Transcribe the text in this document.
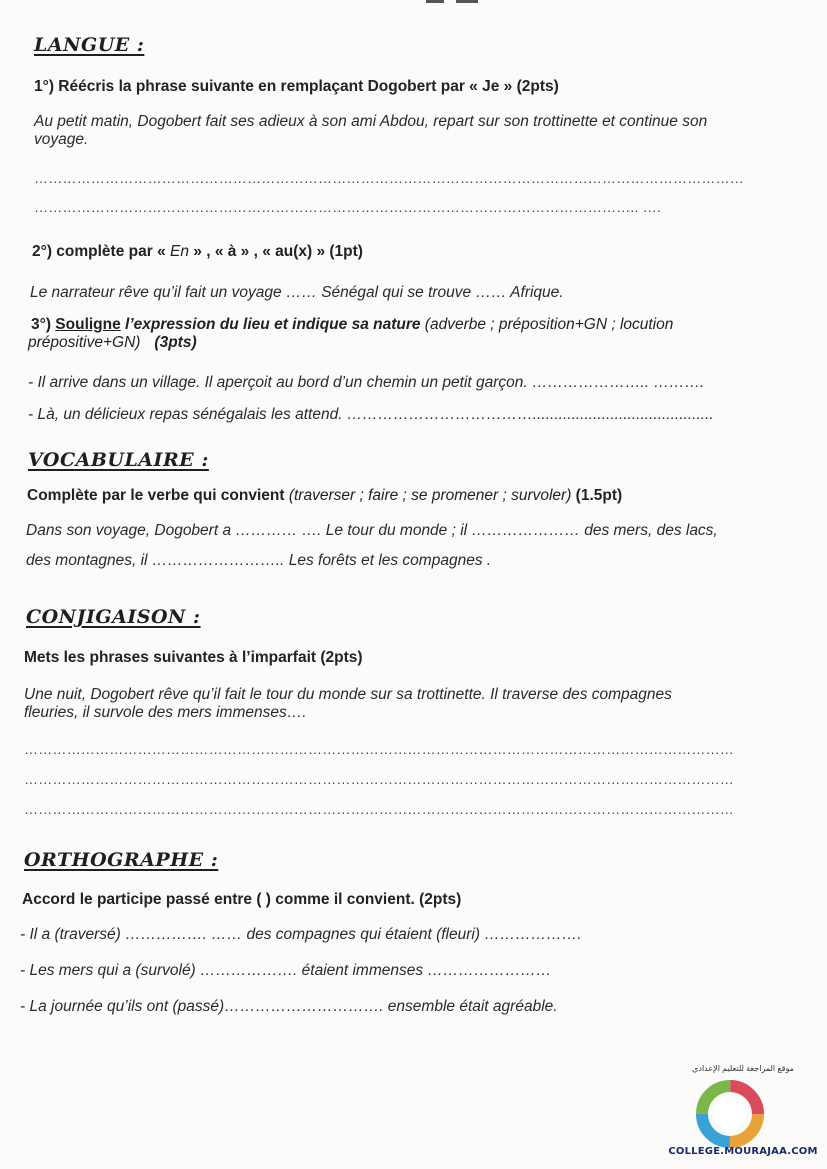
LANGUE :
1°) Réécris la phrase suivante en remplaçant Dogobert par « Je » (2pts)
Au petit matin, Dogobert fait ses adieux à son ami Abdou, repart sur son trottinette et continue son
voyage.
……………………………………………………………………………………………………………………………………
……………………………………………………………………………………………………………….. ….
2°) complète par « En » , « à » , « au(x) » (1pt)
Le narrateur rêve qu’il fait un voyage …… Sénégal qui se trouve …… Afrique.
3°) Souligne l’expression du lieu et indique sa nature (adverbe ; préposition+GN ; locution
prépositive+GN) (3pts)
- Il arrive dans un village. Il aperçoit au bord d’un chemin un petit garçon. ………………….. ……….
- Là, un délicieux repas sénégalais les attend. ………………………………..........................................
VOCABULAIRE :
Complète par le verbe qui convient (traverser ; faire ; se promener ; survoler) (1.5pt)
Dans son voyage, Dogobert a ………… …. Le tour du monde ; il ………………… des mers, des lacs,
des montagnes, il …………………….. Les forêts et les compagnes .
CONJIGAISON :
Mets les phrases suivantes à l’imparfait (2pts)
Une nuit, Dogobert rêve qu’il fait le tour du monde sur sa trottinette. Il traverse des compagnes
fleuries, il survole des mers immenses….
……………………………………………………………………………………………………………………………………
……………………………………………………………………………………………………………………………………
……………………………………………………………………………………………………………………………………
ORTHOGRAPHE :
Accord le participe passé entre ( ) comme il convient. (2pts)
- Il a (traversé) ……………. …… des compagnes qui étaient (fleuri) ……………….
- Les mers qui a (survolé) ………………. étaient immenses ……………………
- La journée qu’ils ont (passé)…………………………. ensemble était agréable.
موقع المراجعة للتعليم الإعدادي
COLLEGE.MOURAJAA.COM
